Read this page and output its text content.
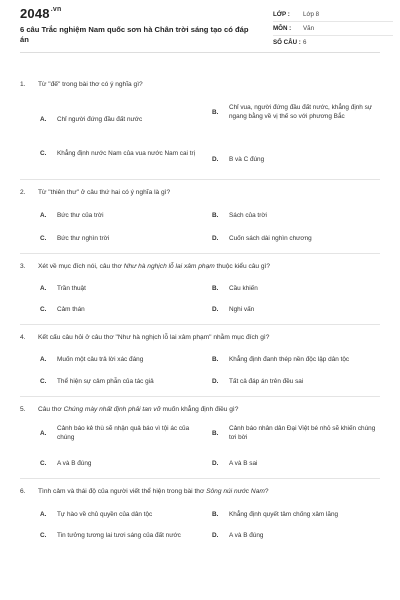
$2048^{.vn}$
6 câu Trắc nghiệm Nam quốc sơn hà Chân trời sáng tạo có đáp án
LỚP :	Lớp 8
MÔN :	Văn
SỐ CÂU : 6
1.	Từ "đế" trong bài thơ có ý nghĩa gì?
A. Chỉ người đứng đầu đất nước
B.
Chỉ vua, người đứng đầu đất nước, khẳng định sự ngang bằng về vị thế so với phương Bắc
C. Khẳng định nước Nam của vua nước Nam cai trị
D. B và C đúng
2.	Từ "thiên thư" ở câu thứ hai có ý nghĩa là gì?
A. Bức thư của trời	B. Sách của trời
C. Bức thư nghìn trời	D. Cuốn sách dài nghìn chương
3.	Xét về mục đích nói, câu thơ Như hà nghịch lỗ lai xâm phạm thuộc kiểu câu gì?
A. Trần thuật	B. Cầu khiến
C. Cảm thán	D. Nghi vấn
4.	Kết cấu câu hỏi ở câu thơ "Như hà nghịch lỗ lai xâm phạm" nhằm mục đích gì?
A. Muốn một câu trả lời xác đáng	B. Khẳng định đanh thép nền độc lập dân tộc
C. Thể hiện sự cảm phẫn của tác giả	D. Tất cả đáp án trên đều sai
5.	Câu thơ Chúng mày nhất định phải tan vỡ muốn khẳng định điều gì?
A.
Cảnh báo kẻ thù sẽ nhận quả báo vì tội ác của chúng
B.
Cảnh báo nhân dân Đại Việt bé nhỏ sẽ khiến chúng tơi bời
C. A và B đúng	D. A và B sai
6.	Tình cảm và thái độ của người viết thể hiện trong bài thơ Sông núi nước Nam?
A. Tự hào về chủ quyền của dân tộc	B. Khẳng định quyết tâm chống xâm lăng
C. Tin tưởng tương lai tươi sáng của đất nước	D. A và B đúng
